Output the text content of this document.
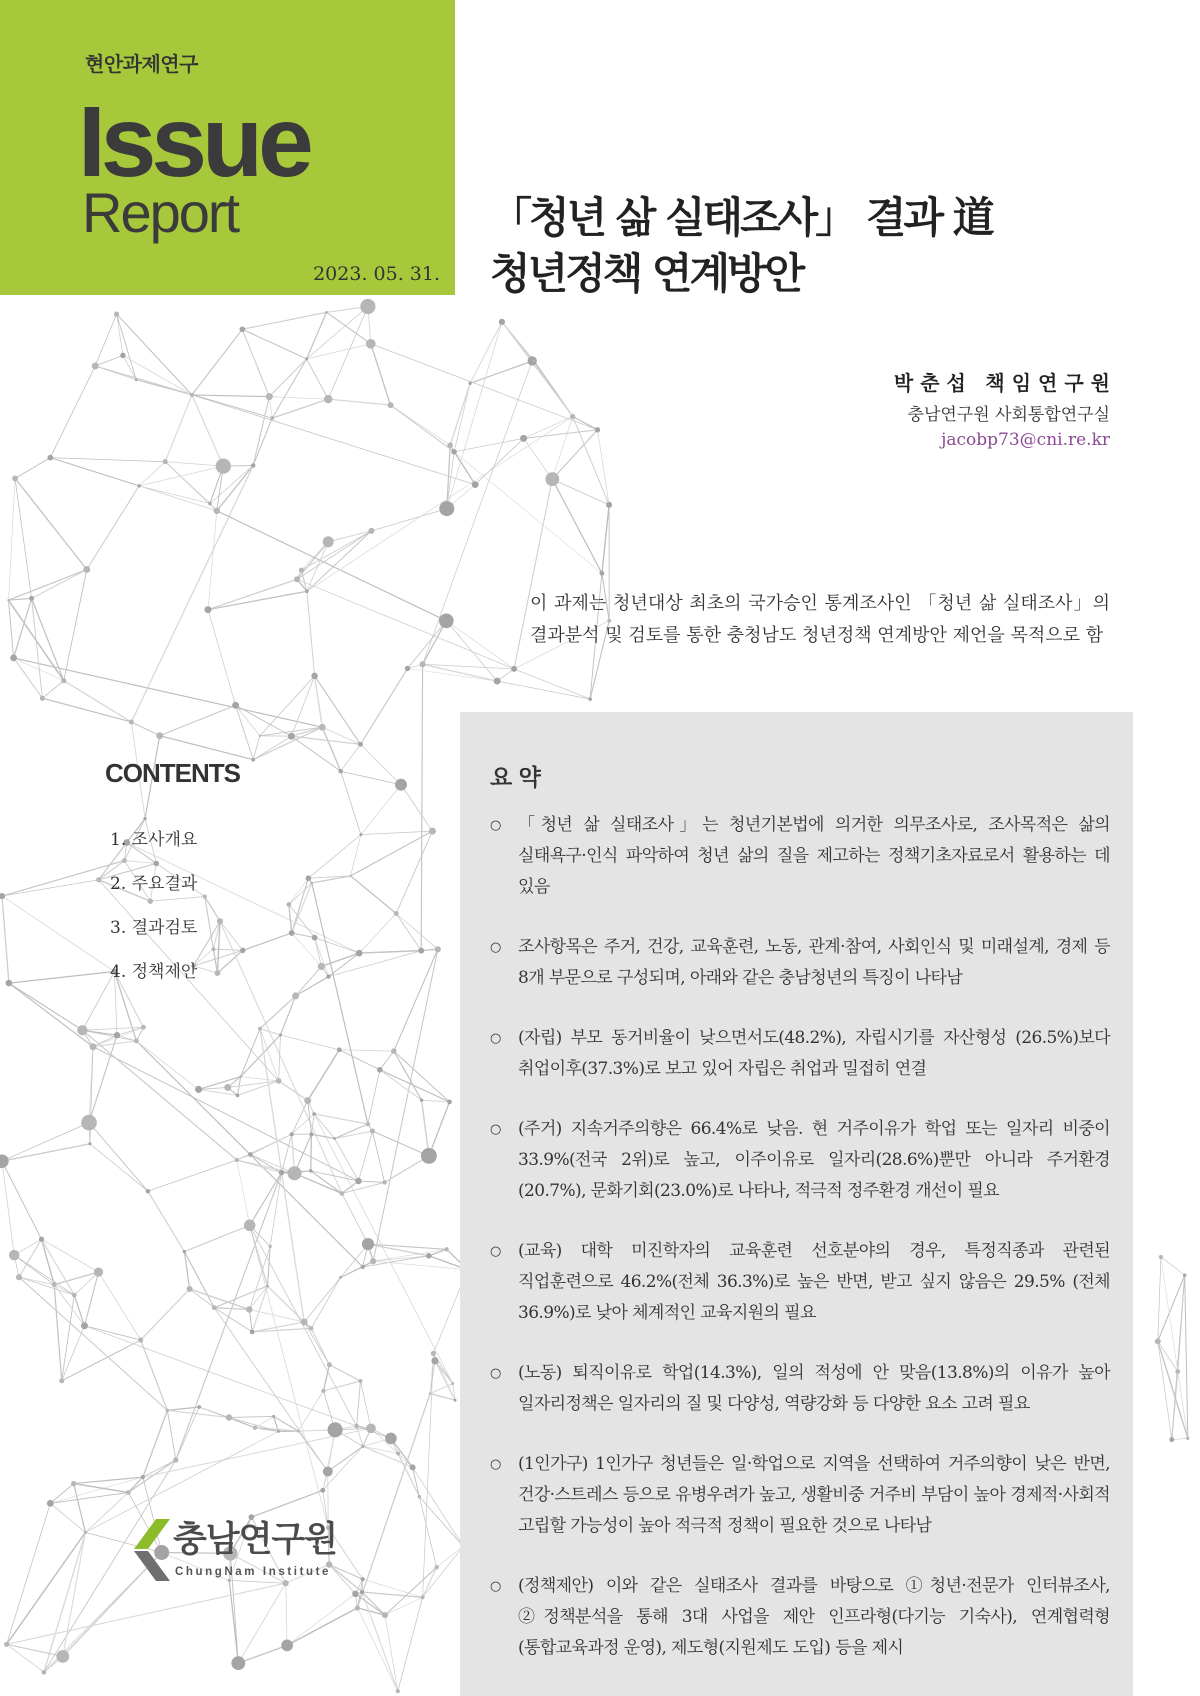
현안과제연구
Issue
Report
2023. 05. 31.
「청년 삶 실태조사」 결과 道
청년정책 연계방안
박춘섭 책임연구원
충남연구원 사회통합연구실
jacobp73@cni.re.kr

이 과제는 청년대상 최초의 국가승인 통계조사인 「청년 삶 실태조사」의 결과분석 및 검토를 통한 충청남도 청년정책 연계방안 제언을 목적으로 함

CONTENTS
1. 조사개요
2. 주요결과
3. 결과검토
4. 정책제안
요 약
○ 「청년 삶 실태조사」는 청년기본법에 의거한 의무조사로, 조사목적은 삶의 실태욕구·인식 파악하여 청년 삶의 질을 제고하는 정책기초자료로서 활용하는 데 있음
○ 조사항목은 주거, 건강, 교육훈련, 노동, 관계·참여, 사회인식 및 미래설계, 경제 등 8개 부문으로 구성되며, 아래와 같은 충남청년의 특징이 나타남
○ (자립) 부모 동거비율이 낮으면서도(48.2%), 자립시기를 자산형성 (26.5%)보다 취업이후(37.3%)로 보고 있어 자립은 취업과 밀접히 연결
○ (주거) 지속거주의향은 66.4%로 낮음. 현 거주이유가 학업 또는 일자리 비중이 33.9%(전국 2위)로 높고, 이주이유로 일자리(28.6%)뿐만 아니라 주거환경(20.7%), 문화기회(23.0%)로 나타나, 적극적 정주환경 개선이 필요
○ (교육) 대학 미진학자의 교육훈련 선호분야의 경우, 특정직종과 관련된 직업훈련으로 46.2%(전체 36.3%)로 높은 반면, 받고 싶지 않음은 29.5% (전체 36.9%)로 낮아 체계적인 교육지원의 필요
○ (노동) 퇴직이유로 학업(14.3%), 일의 적성에 안 맞음(13.8%)의 이유가 높아 일자리정책은 일자리의 질 및 다양성, 역량강화 등 다양한 요소 고려 필요
○ (1인가구) 1인가구 청년들은 일·학업으로 지역을 선택하여 거주의향이 낮은 반면, 건강·스트레스 등으로 유병우려가 높고, 생활비중 거주비 부담이 높아 경제적·사회적 고립할 가능성이 높아 적극적 정책이 필요한 것으로 나타남
○ (정책제안) 이와 같은 실태조사 결과를 바탕으로 ①청년·전문가 인터뷰조사, ②정책분석을 통해 3대 사업을 제안 인프라형(다기능 기숙사), 연계협력형 (통합교육과정 운영), 제도형(지원제도 도입) 등을 제시
충남연구원
ChungNam Institute
